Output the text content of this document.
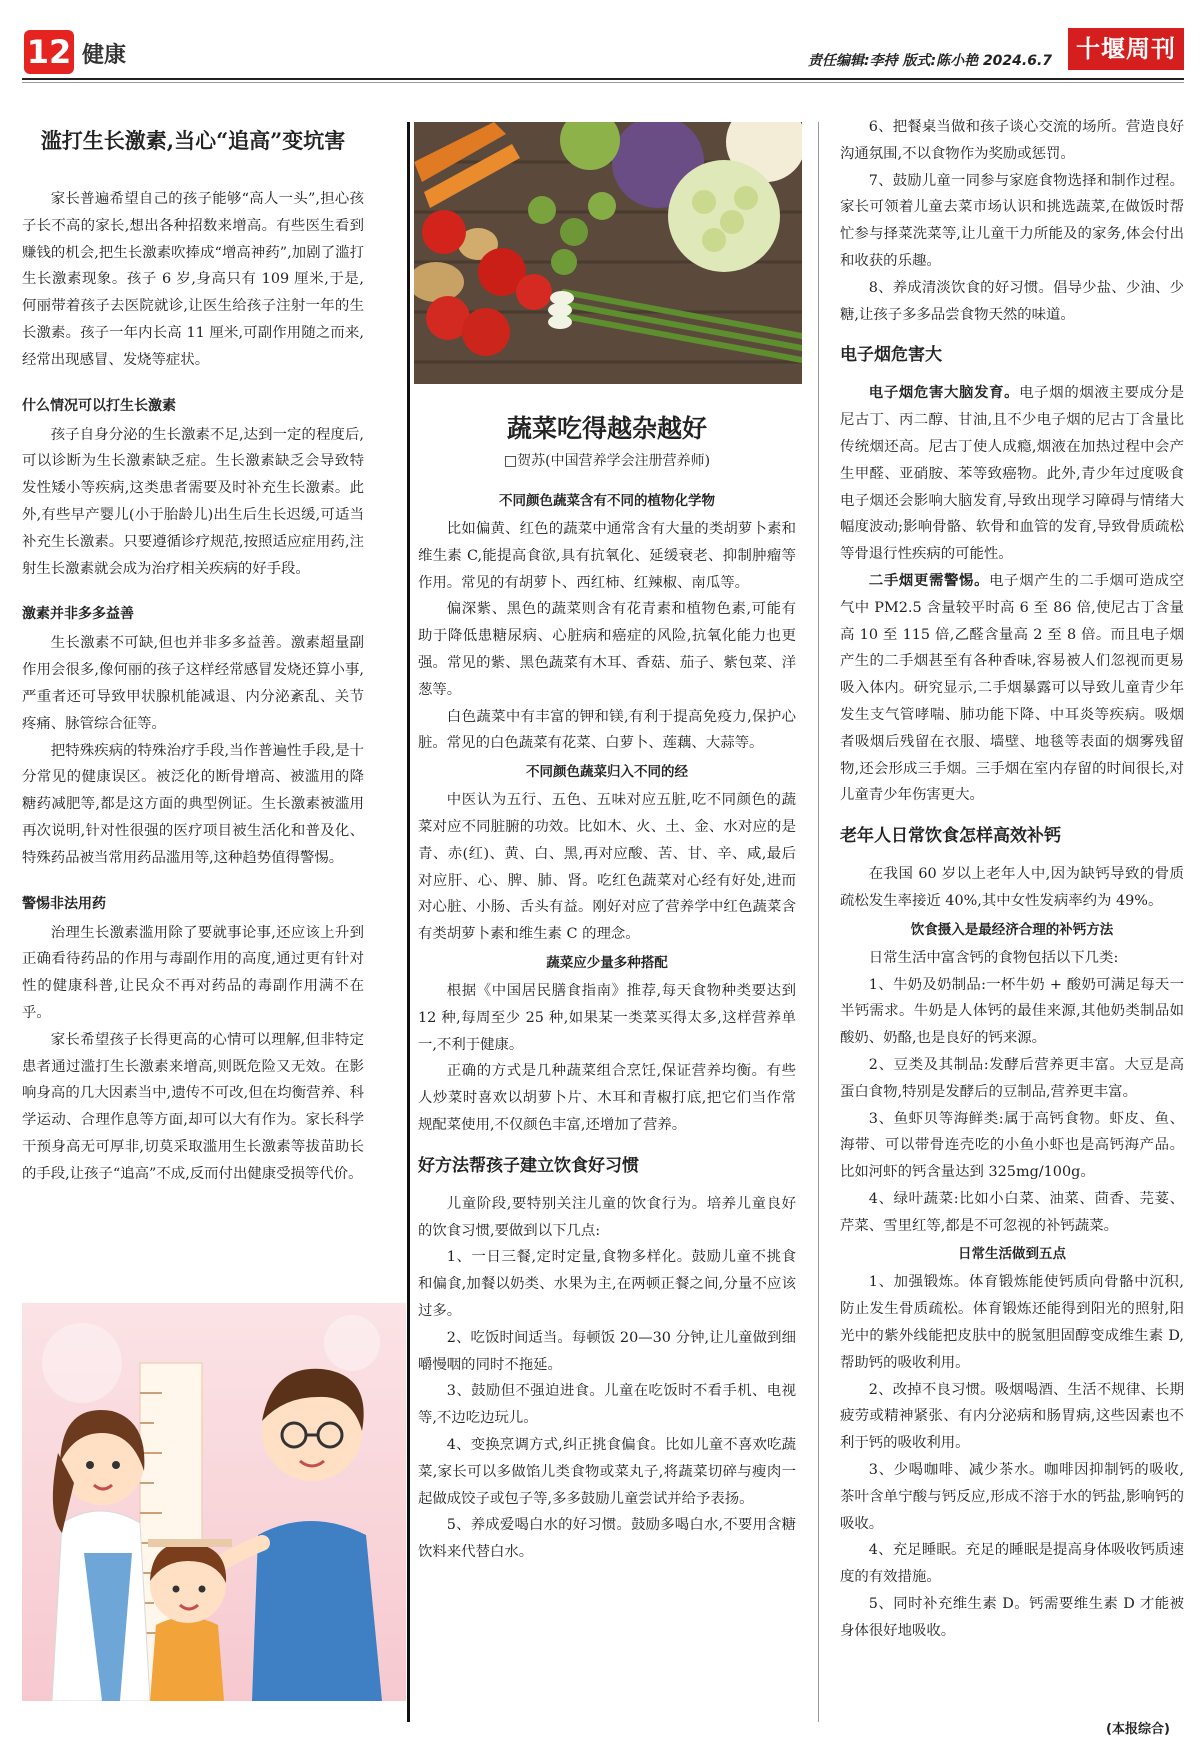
12 健康	责任编辑:李持 版式:陈小艳 2024.6.7 十堰周刊
滥打生长激素,当心“追高”变坑害

家长普遍希望自己的孩子能够“高人一头”,担心孩子长不高的家长,想出各种招数来增高。有些医生看到赚钱的机会,把生长激素吹捧成“增高神药”,加剧了滥打生长激素现象。孩子 6 岁,身高只有 109 厘米,于是,何丽带着孩子去医院就诊,让医生给孩子注射一年的生长激素。孩子一年内长高 11 厘米,可副作用随之而来,经常出现感冒、发烧等症状。

什么情况可以打生长激素

孩子自身分泌的生长激素不足,达到一定的程度后,可以诊断为生长激素缺乏症。生长激素缺乏会导致特发性矮小等疾病,这类患者需要及时补充生长激素。此外,有些早产婴儿(小于胎龄儿)出生后生长迟缓,可适当补充生长激素。只要遵循诊疗规范,按照适应症用药,注射生长激素就会成为治疗相关疾病的好手段。

激素并非多多益善

生长激素不可缺,但也并非多多益善。激素超量副作用会很多,像何丽的孩子这样经常感冒发烧还算小事,严重者还可导致甲状腺机能减退、内分泌紊乱、关节疼痛、脉管综合征等。

把特殊疾病的特殊治疗手段,当作普遍性手段,是十分常见的健康误区。被泛化的断骨增高、被滥用的降糖药减肥等,都是这方面的典型例证。生长激素被滥用再次说明,针对性很强的医疗项目被生活化和普及化、特殊药品被当常用药品滥用等,这种趋势值得警惕。

警惕非法用药

治理生长激素滥用除了要就事论事,还应该上升到正确看待药品的作用与毒副作用的高度,通过更有针对性的健康科普,让民众不再对药品的毒副作用满不在乎。

家长希望孩子长得更高的心情可以理解,但非特定患者通过滥打生长激素来增高,则既危险又无效。在影响身高的几大因素当中,遗传不可改,但在均衡营养、科学运动、合理作息等方面,却可以大有作为。家长科学干预身高无可厚非,切莫采取滥用生长激素等拔苗助长的手段,让孩子“追高”不成,反而付出健康受损等代价。

蔬菜吃得越杂越好
□贺苏(中国营养学会注册营养师)
不同颜色蔬菜含有不同的植物化学物

比如偏黄、红色的蔬菜中通常含有大量的类胡萝卜素和维生素 C,能提高食欲,具有抗氧化、延缓衰老、抑制肿瘤等作用。常见的有胡萝卜、西红柿、红辣椒、南瓜等。

偏深紫、黑色的蔬菜则含有花青素和植物色素,可能有助于降低患糖尿病、心脏病和癌症的风险,抗氧化能力也更强。常见的紫、黑色蔬菜有木耳、香菇、茄子、紫包菜、洋葱等。

白色蔬菜中有丰富的钾和镁,有利于提高免疫力,保护心脏。常见的白色蔬菜有花菜、白萝卜、莲藕、大蒜等。

不同颜色蔬菜归入不同的经

中医认为五行、五色、五味对应五脏,吃不同颜色的蔬菜对应不同脏腑的功效。比如木、火、土、金、水对应的是青、赤(红)、黄、白、黑,再对应酸、苦、甘、辛、咸,最后对应肝、心、脾、肺、肾。吃红色蔬菜对心经有好处,进而对心脏、小肠、舌头有益。刚好对应了营养学中红色蔬菜含有类胡萝卜素和维生素 C 的理念。

蔬菜应少量多种搭配

根据《中国居民膳食指南》推荐,每天食物种类要达到 12 种,每周至少 25 种,如果某一类菜买得太多,这样营养单一,不利于健康。

正确的方式是几种蔬菜组合烹饪,保证营养均衡。有些人炒菜时喜欢以胡萝卜片、木耳和青椒打底,把它们当作常规配菜使用,不仅颜色丰富,还增加了营养。

好方法帮孩子建立饮食好习惯

儿童阶段,要特别关注儿童的饮食行为。培养儿童良好的饮食习惯,要做到以下几点:

1、一日三餐,定时定量,食物多样化。鼓励儿童不挑食和偏食,加餐以奶类、水果为主,在两顿正餐之间,分量不应该过多。

2、吃饭时间适当。每顿饭 20—30 分钟,让儿童做到细嚼慢咽的同时不拖延。

3、鼓励但不强迫进食。儿童在吃饭时不看手机、电视等,不边吃边玩儿。

4、变换烹调方式,纠正挑食偏食。比如儿童不喜欢吃蔬菜,家长可以多做馅儿类食物或菜丸子,将蔬菜切碎与瘦肉一起做成饺子或包子等,多多鼓励儿童尝试并给予表扬。

5、养成爱喝白水的好习惯。鼓励多喝白水,不要用含糖饮料来代替白水。

6、把餐桌当做和孩子谈心交流的场所。营造良好沟通氛围,不以食物作为奖励或惩罚。

7、鼓励儿童一同参与家庭食物选择和制作过程。家长可领着儿童去菜市场认识和挑选蔬菜,在做饭时帮忙参与择菜洗菜等,让儿童干力所能及的家务,体会付出和收获的乐趣。

8、养成清淡饮食的好习惯。倡导少盐、少油、少糖,让孩子多多品尝食物天然的味道。

电子烟危害大

电子烟危害大脑发育。电子烟的烟液主要成分是尼古丁、丙二醇、甘油,且不少电子烟的尼古丁含量比传统烟还高。尼古丁使人成瘾,烟液在加热过程中会产生甲醛、亚硝胺、苯等致癌物。此外,青少年过度吸食电子烟还会影响大脑发育,导致出现学习障碍与情绪大幅度波动;影响骨骼、软骨和血管的发育,导致骨质疏松等骨退行性疾病的可能性。

二手烟更需警惕。电子烟产生的二手烟可造成空气中 PM2.5 含量较平时高 6 至 86 倍,使尼古丁含量高 10 至 115 倍,乙醛含量高 2 至 8 倍。而且电子烟产生的二手烟甚至有各种香味,容易被人们忽视而更易吸入体内。研究显示,二手烟暴露可以导致儿童青少年发生支气管哮喘、肺功能下降、中耳炎等疾病。吸烟者吸烟后残留在衣服、墙壁、地毯等表面的烟雾残留物,还会形成三手烟。三手烟在室内存留的时间很长,对儿童青少年伤害更大。

老年人日常饮食怎样高效补钙

在我国 60 岁以上老年人中,因为缺钙导致的骨质疏松发生率接近 40%,其中女性发病率约为 49%。

饮食摄入是最经济合理的补钙方法

日常生活中富含钙的食物包括以下几类:

1、牛奶及奶制品:一杯牛奶 + 酸奶可满足每天一半钙需求。牛奶是人体钙的最佳来源,其他奶类制品如酸奶、奶酪,也是良好的钙来源。

2、豆类及其制品:发酵后营养更丰富。大豆是高蛋白食物,特别是发酵后的豆制品,营养更丰富。

3、鱼虾贝等海鲜类:属于高钙食物。虾皮、鱼、海带、可以带骨连壳吃的小鱼小虾也是高钙海产品。比如河虾的钙含量达到 325mg/100g。

4、绿叶蔬菜:比如小白菜、油菜、茴香、芫荽、芹菜、雪里红等,都是不可忽视的补钙蔬菜。

日常生活做到五点

1、加强锻炼。体育锻炼能使钙质向骨骼中沉积,防止发生骨质疏松。体育锻炼还能得到阳光的照射,阳光中的紫外线能把皮肤中的脱氢胆固醇变成维生素 D,帮助钙的吸收利用。

2、改掉不良习惯。吸烟喝酒、生活不规律、长期疲劳或精神紧张、有内分泌病和肠胃病,这些因素也不利于钙的吸收利用。

3、少喝咖啡、减少茶水。咖啡因抑制钙的吸收,茶叶含单宁酸与钙反应,形成不溶于水的钙盐,影响钙的吸收。

4、充足睡眠。充足的睡眠是提高身体吸收钙质速度的有效措施。

5、同时补充维生素 D。钙需要维生素 D 才能被身体很好地吸收。

(本报综合)
